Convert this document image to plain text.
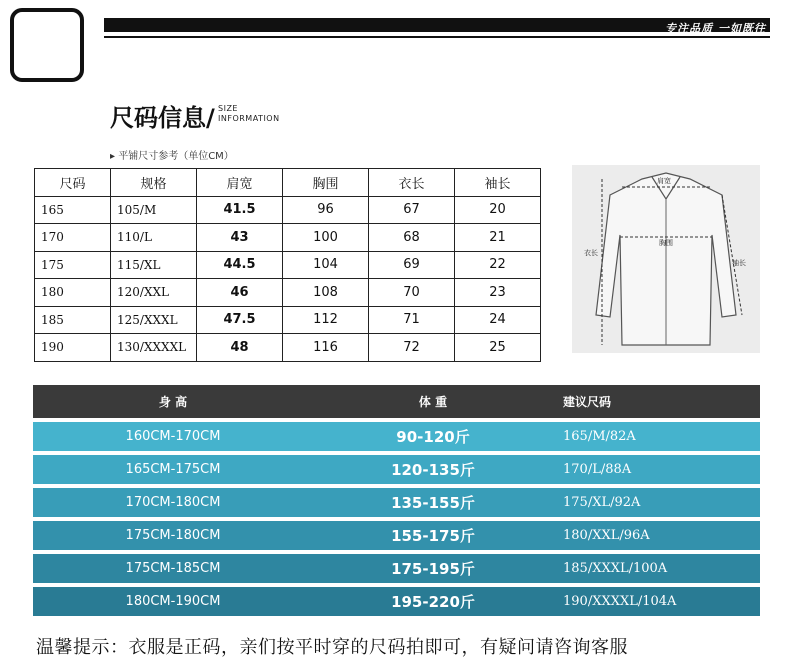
专注品质 一如既往
尺码信息/ SIZE
INFORMATION
▸ 平铺尺寸参考（单位CM）
尺码	规格	肩宽	胸围	衣长	袖长
165	105/M	41.5	96	67	20
170	110/L	43	100	68	21
175	115/XL	44.5	104	69	22
180	120/XXL	46	108	70	23
185	125/XXXL	47.5	112	71	24
190	130/XXXXL	48	116	72	25
肩宽
胸围
衣长
袖长
身 高	体 重	建议尺码
160CM-170CM	90-120斤	165/M/82A
165CM-175CM	120-135斤	170/L/88A
170CM-180CM	135-155斤	175/XL/92A
175CM-180CM	155-175斤	180/XXL/96A
175CM-185CM	175-195斤	185/XXXL/100A
180CM-190CM	195-220斤	190/XXXXL/104A
温馨提示：衣服是正码，亲们按平时穿的尺码拍即可，有疑问请咨询客服
